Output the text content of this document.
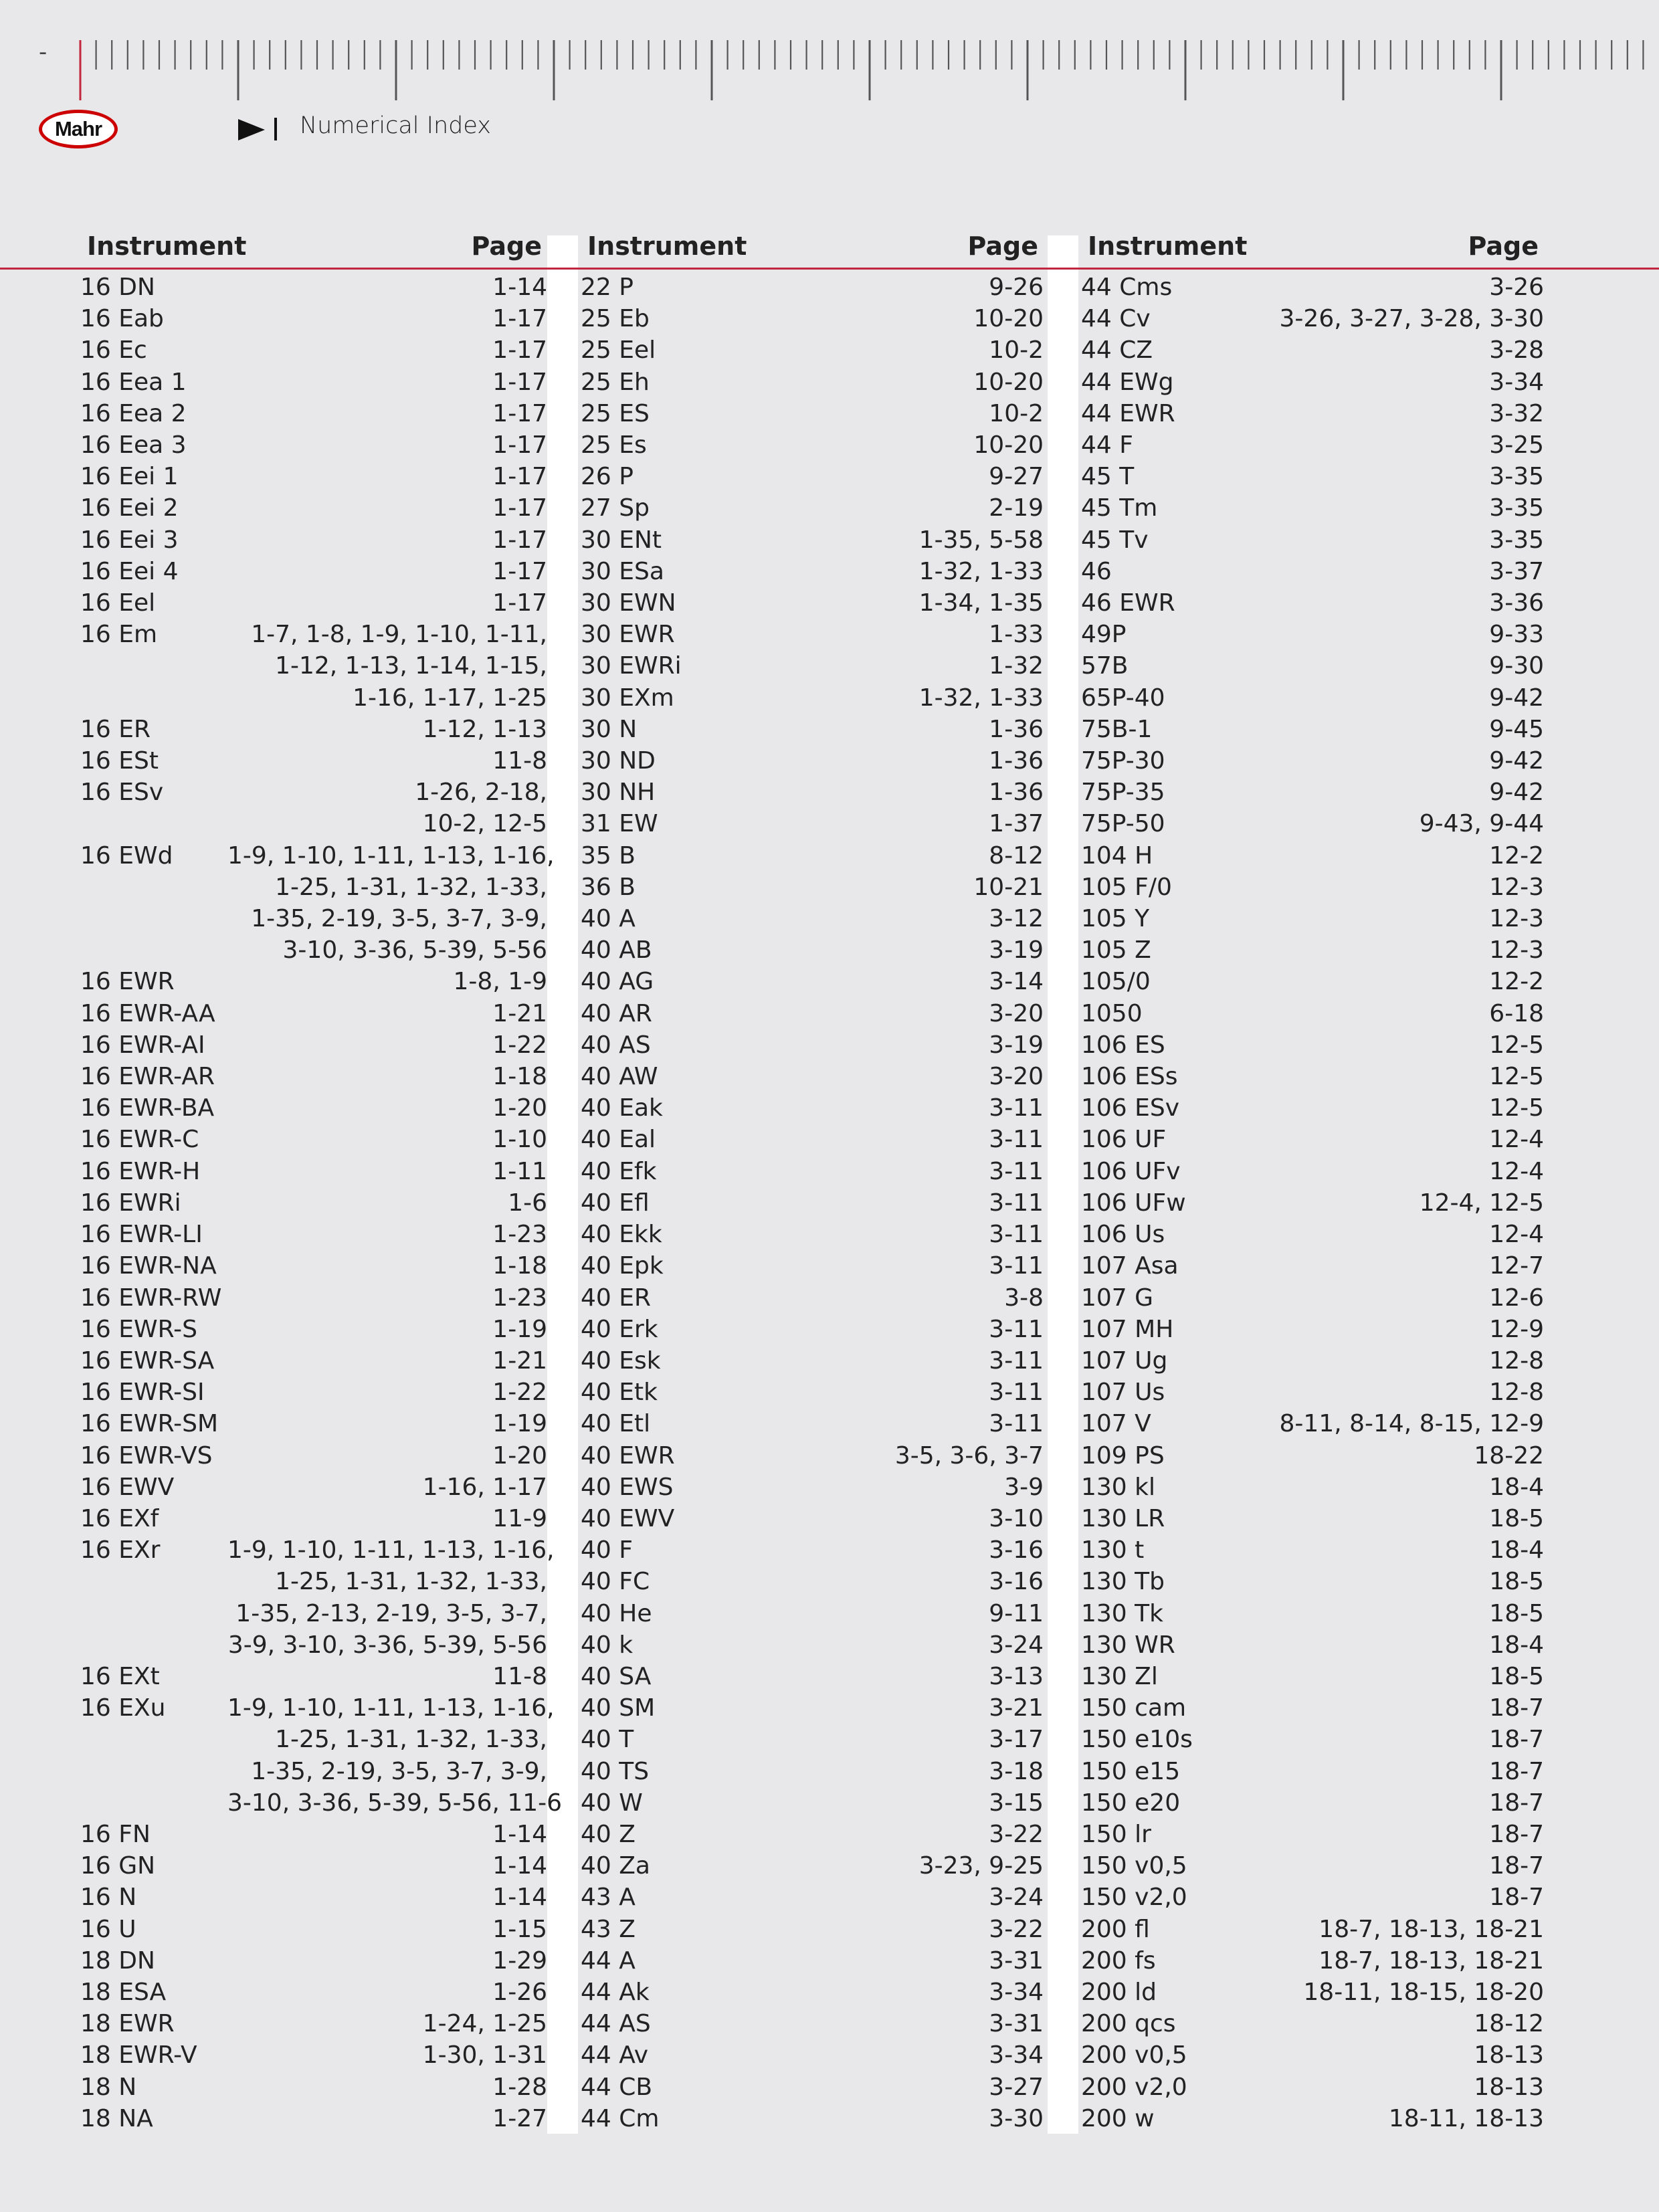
-
Mahr	Numerical Index
Instrument	Page
16 DN	1-14
16 Eab	1-17
16 Ec	1-17
16 Eea 1	1-17
16 Eea 2	1-17
16 Eea 3	1-17
16 Eei 1	1-17
16 Eei 2	1-17
16 Eei 3	1-17
16 Eei 4	1-17
16 Eel	1-17
16 Em	1-7, 1-8, 1-9, 1-10, 1-11,
1-12, 1-13, 1-14, 1-15,
1-16, 1-17, 1-25
16 ER	1-12, 1-13
16 ESt	11-8
16 ESv	1-26, 2-18,
10-2, 12-5
16 EWd	1-9, 1-10, 1-11, 1-13, 1-16,
1-25, 1-31, 1-32, 1-33,
1-35, 2-19, 3-5, 3-7, 3-9,
3-10, 3-36, 5-39, 5-56
16 EWR	1-8, 1-9
16 EWR-AA	1-21
16 EWR-AI	1-22
16 EWR-AR	1-18
16 EWR-BA	1-20
16 EWR-C	1-10
16 EWR-H	1-11
16 EWRi	1-6
16 EWR-LI	1-23
16 EWR-NA	1-18
16 EWR-RW	1-23
16 EWR-S	1-19
16 EWR-SA	1-21
16 EWR-SI	1-22
16 EWR-SM	1-19
16 EWR-VS	1-20
16 EWV	1-16, 1-17
16 EXf	11-9
16 EXr	1-9, 1-10, 1-11, 1-13, 1-16,
1-25, 1-31, 1-32, 1-33,
1-35, 2-13, 2-19, 3-5, 3-7,
3-9, 3-10, 3-36, 5-39, 5-56
16 EXt	11-8
16 EXu	1-9, 1-10, 1-11, 1-13, 1-16,
1-25, 1-31, 1-32, 1-33,
1-35, 2-19, 3-5, 3-7, 3-9,
3-10, 3-36, 5-39, 5-56, 11-6
16 FN	1-14
16 GN	1-14
16 N	1-14
16 U	1-15
18 DN	1-29
18 ESA	1-26
18 EWR	1-24, 1-25
18 EWR-V	1-30, 1-31
18 N	1-28
18 NA	1-27
Instrument	Page
22 P	9-26
25 Eb	10-20
25 Eel	10-2
25 Eh	10-20
25 ES	10-2
25 Es	10-20
26 P	9-27
27 Sp	2-19
30 ENt	1-35, 5-58
30 ESa	1-32, 1-33
30 EWN	1-34, 1-35
30 EWR	1-33
30 EWRi	1-32
30 EXm	1-32, 1-33
30 N	1-36
30 ND	1-36
30 NH	1-36
31 EW	1-37
35 B	8-12
36 B	10-21
40 A	3-12
40 AB	3-19
40 AG	3-14
40 AR	3-20
40 AS	3-19
40 AW	3-20
40 Eak	3-11
40 Eal	3-11
40 Efk	3-11
40 Efl	3-11
40 Ekk	3-11
40 Epk	3-11
40 ER	3-8
40 Erk	3-11
40 Esk	3-11
40 Etk	3-11
40 Etl	3-11
40 EWR	3-5, 3-6, 3-7
40 EWS	3-9
40 EWV	3-10
40 F	3-16
40 FC	3-16
40 He	9-11
40 k	3-24
40 SA	3-13
40 SM	3-21
40 T	3-17
40 TS	3-18
40 W	3-15
40 Z	3-22
40 Za	3-23, 9-25
43 A	3-24
43 Z	3-22
44 A	3-31
44 Ak	3-34
44 AS	3-31
44 Av	3-34
44 CB	3-27
44 Cm	3-30
Instrument	Page
44 Cms	3-26
44 Cv	3-26, 3-27, 3-28, 3-30
44 CZ	3-28
44 EWg	3-34
44 EWR	3-32
44 F	3-25
45 T	3-35
45 Tm	3-35
45 Tv	3-35
46	3-37
46 EWR	3-36
49P	9-33
57B	9-30
65P-40	9-42
75B-1	9-45
75P-30	9-42
75P-35	9-42
75P-50	9-43, 9-44
104 H	12-2
105 F/0	12-3
105 Y	12-3
105 Z	12-3
105/0	12-2
1050	6-18
106 ES	12-5
106 ESs	12-5
106 ESv	12-5
106 UF	12-4
106 UFv	12-4
106 UFw	12-4, 12-5
106 Us	12-4
107 Asa	12-7
107 G	12-6
107 MH	12-9
107 Ug	12-8
107 Us	12-8
107 V	8-11, 8-14, 8-15, 12-9
109 PS	18-22
130 kl	18-4
130 LR	18-5
130 t	18-4
130 Tb	18-5
130 Tk	18-5
130 WR	18-4
130 Zl	18-5
150 cam	18-7
150 e10s	18-7
150 e15	18-7
150 e20	18-7
150 lr	18-7
150 v0,5	18-7
150 v2,0	18-7
200 fl	18-7, 18-13, 18-21
200 fs	18-7, 18-13, 18-21
200 ld	18-11, 18-15, 18-20
200 qcs	18-12
200 v0,5	18-13
200 v2,0	18-13
200 w	18-11, 18-13
